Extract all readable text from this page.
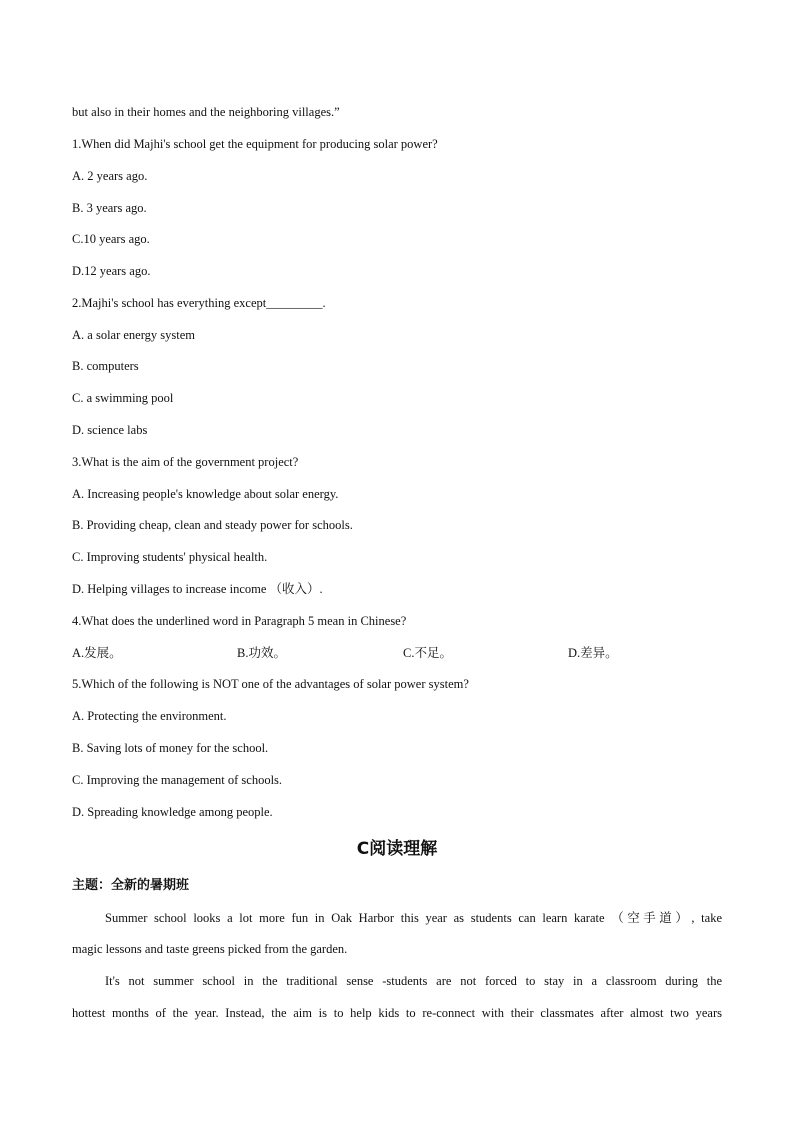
but also in their homes and the neighboring villages.”
1.When did Majhi's school get the equipment for producing solar power?
A. 2 years ago.
B. 3 years ago.
C.10 years ago.
D.12 years ago.
2.Majhi's school has everything except_________.
A. a solar energy system
B. computers
C. a swimming pool
D. science labs
3.What is the aim of the government project?
A. Increasing people's knowledge about solar energy.
B. Providing cheap, clean and steady power for schools.
C. Improving students' physical health.
D. Helping villages to increase income （收入）.
4.What does the underlined word in Paragraph 5 mean in Chinese?
A.发展。	B.功效。	C.不足。	D.差异。
5.Which of the following is NOT one of the advantages of solar power system?
A. Protecting the environment.
B. Saving lots of money for the school.
C. Improving the management of schools.
D. Spreading knowledge among people.
C阅读理解
主题：全新的暑期班
Summer school looks a lot more fun in Oak Harbor this year as students can learn karate （空手道）, take
magic lessons and taste greens picked from the garden.
It's not summer school in the traditional sense -students are not forced to stay in a classroom during the
hottest months of the year. Instead, the aim is to help kids to re-connect with their classmates after almost two years
